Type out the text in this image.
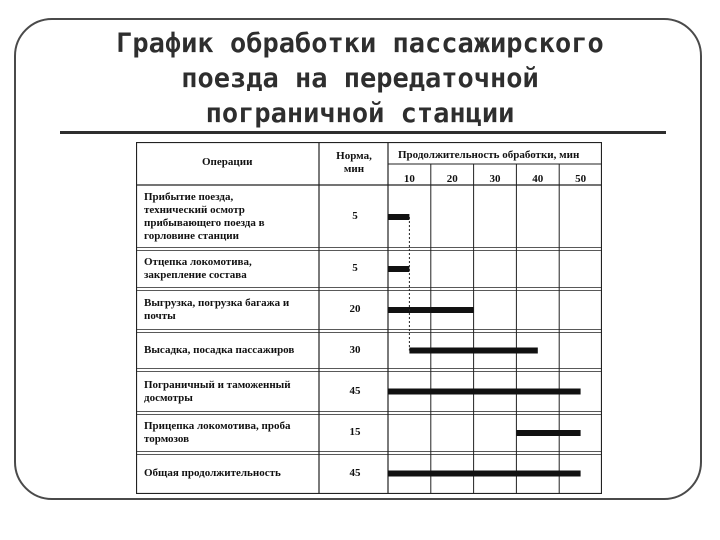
График обработки пассажирского
поезда на передаточной
пограничной станции
Операции	Норма,
мин
Продолжительность обработки, мин
10	20	30	40	50
Прибытие поезда,
технический осмотр
прибывающего поезда в
горловине станции
5
Отцепка локомотива,
закрепление состава
5
Выгрузка, погрузка багажа и
почты
20
Высадка, посадка пассажиров	30
Пограничный и таможенный
досмотры
45
Прицепка локомотива, проба
тормозов
15
Общая продолжительность	45
